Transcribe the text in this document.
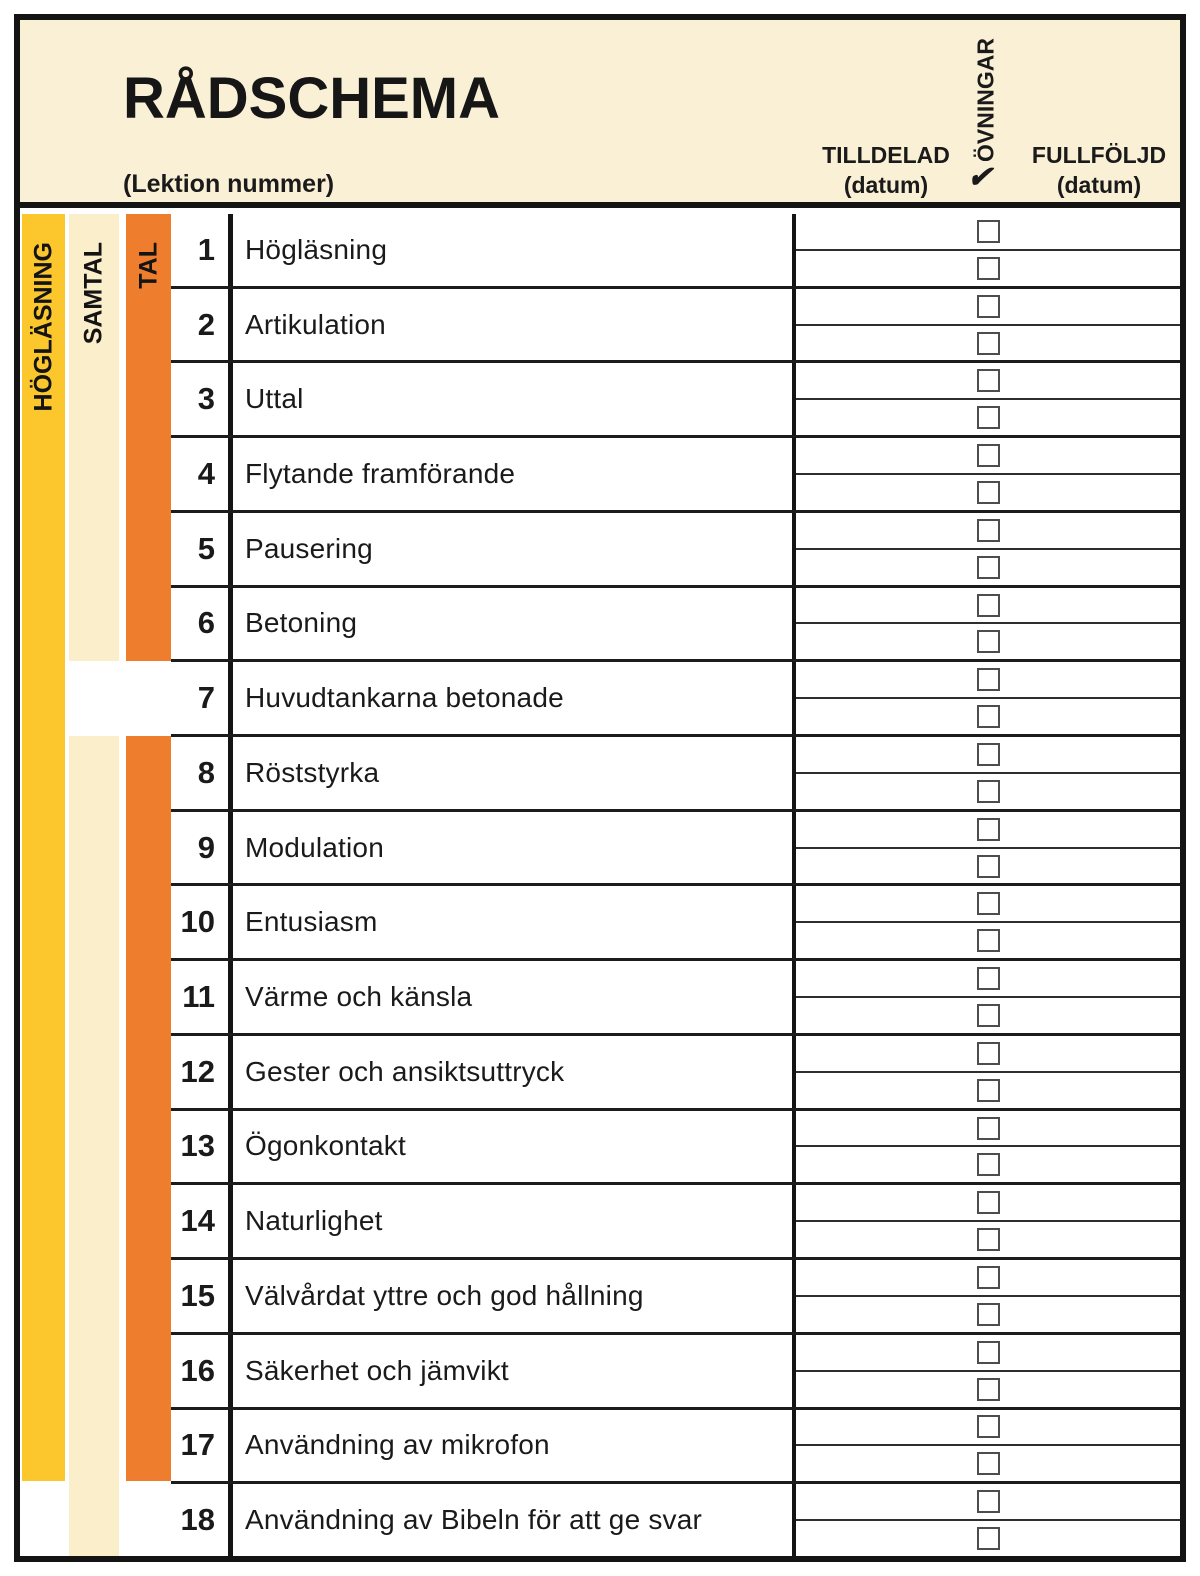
RÅDSCHEMA
(Lektion nummer)
TILLDELAD
(datum)
ÖVNINGAR
✔
FULLFÖLJD
(datum)
HÖGLÄSNING SAMTAL TAL	1	Högläsning
2	Artikulation
3	Uttal
4	Flytande framförande
5	Pausering
6	Betoning
7	Huvudtankarna betonade
8	Röststyrka
9	Modulation
10	Entusiasm
11	Värme och känsla
12	Gester och ansiktsuttryck
13	Ögonkontakt
14	Naturlighet
15	Välvårdat yttre och god hållning
16	Säkerhet och jämvikt
17	Användning av mikrofon
18	Användning av Bibeln för att ge svar
